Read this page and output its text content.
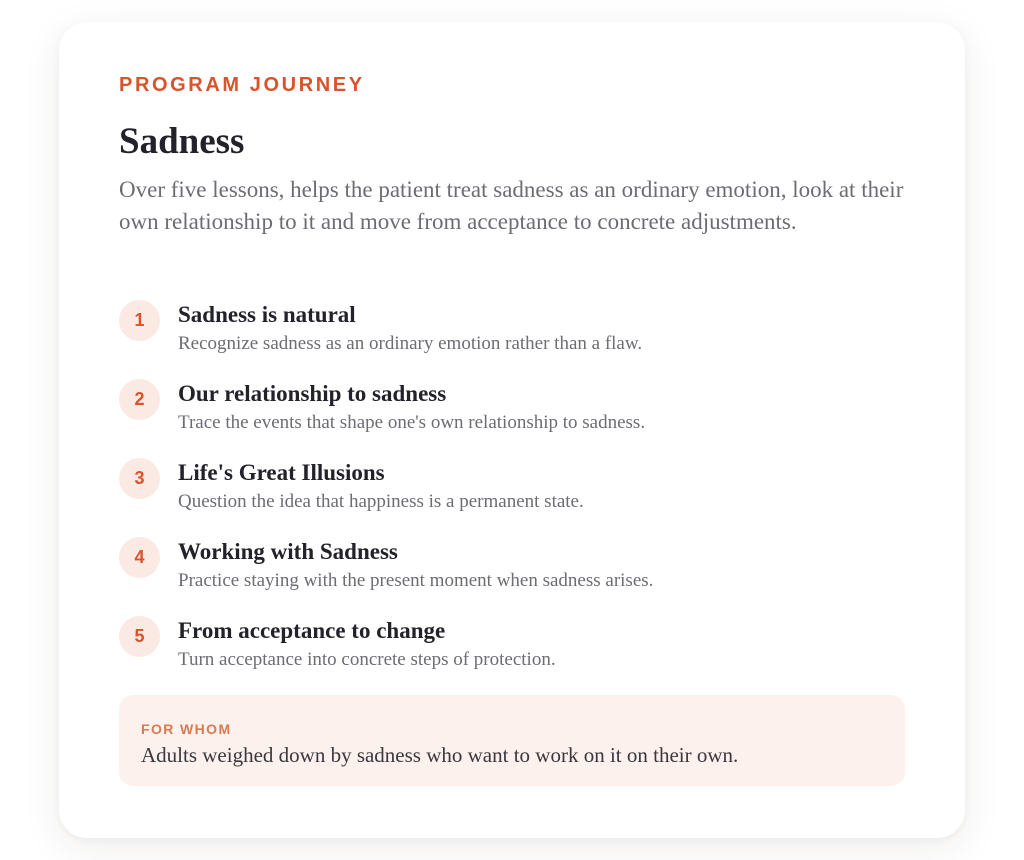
PROGRAM JOURNEY
Sadness

Over five lessons, helps the patient treat sadness as an ordinary emotion, look at their own relationship to it and move from acceptance to concrete adjustments.

1	Sadness is natural
Recognize sadness as an ordinary emotion rather than a flaw.
2	Our relationship to sadness
Trace the events that shape one's own relationship to sadness.
3	Life's Great Illusions
Question the idea that happiness is a permanent state.
4	Working with Sadness
Practice staying with the present moment when sadness arises.
5	From acceptance to change
Turn acceptance into concrete steps of protection.
FOR WHOM
Adults weighed down by sadness who want to work on it on their own.
